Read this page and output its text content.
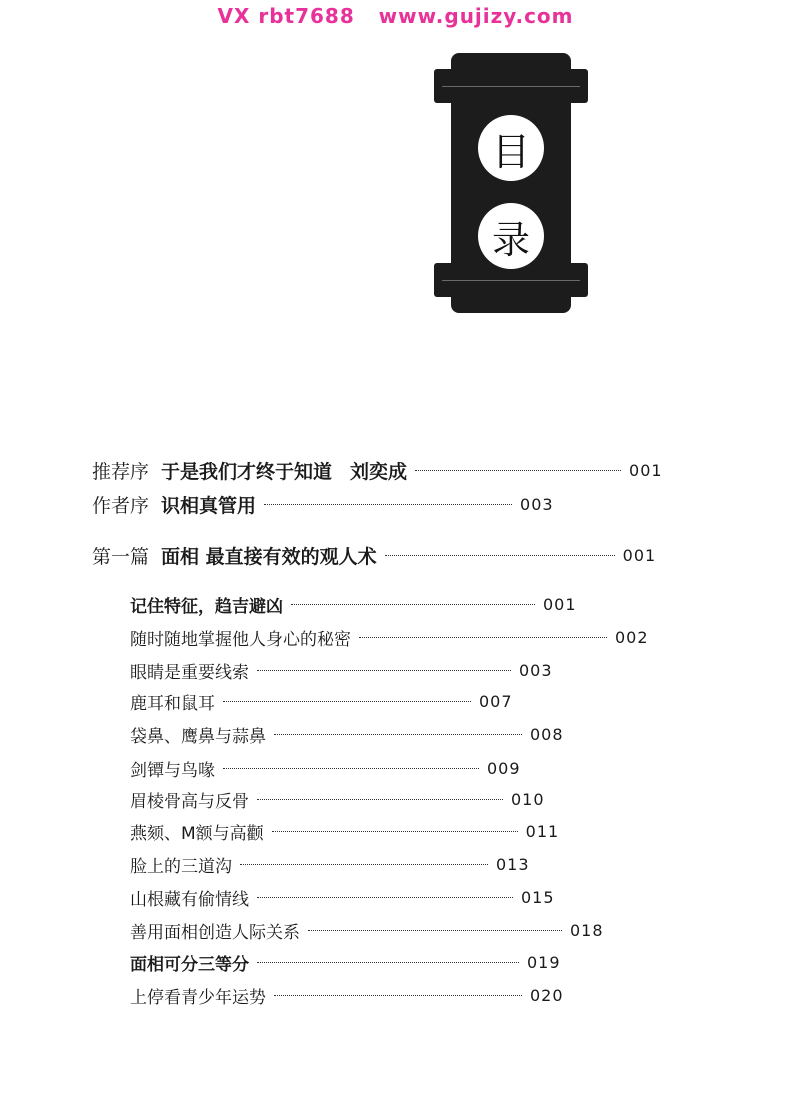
VX rbt7688   www.gujizy.com
目
录
推荐序 于是我们才终于知道 刘奕成	001
作者序 识相真管用	003
第一篇 面相 最直接有效的观人术	001
记住特征，趋吉避凶	001
随时随地掌握他人身心的秘密	002
眼睛是重要线索	003
鹿耳和鼠耳	007
袋鼻、鹰鼻与蒜鼻	008
剑镡与鸟喙	009
眉棱骨高与反骨	010
燕颏、M额与高颧	011
脸上的三道沟	013
山根藏有偷情线	015
善用面相创造人际关系	018
面相可分三等分	019
上停看青少年运势	020
